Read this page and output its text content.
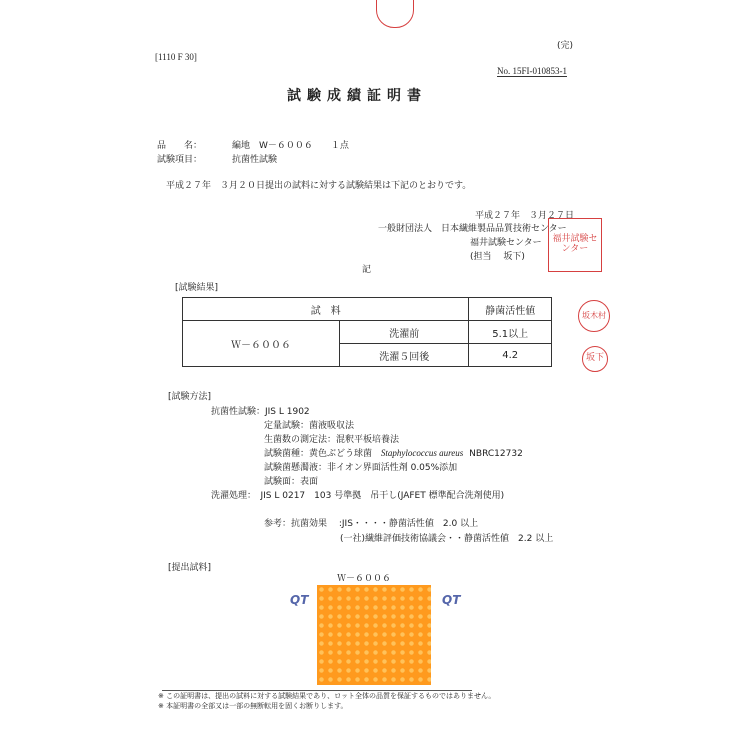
[1110 F 30]
(完)
No. 15FI-010853-1
試験成績証明書
品　　名：	編地　W－６００６　　１点
試験項目：	抗菌性試験
平成２７年　３月２０日提出の試料に対する試験結果は下記のとおりです。
平成２７年　３月２７日
一般財団法人　日本繊維製品品質技術センター
福井試験センター
(担当　 坂下)
福井試験センター
坂木村
坂下
記
[試験結果]
試　料		静菌活性値
Ｗ－６００６	洗濯前	5.1以上
	洗濯５回後	4.2
[試験方法]
抗菌性試験：JIS L 1902
定量試験：菌液吸収法
生菌数の測定法：混釈平板培養法
試験菌種：黄色ぶどう球菌 Staphylococcus aureus NBRC12732
試験菌懸濁液：非イオン界面活性剤 0.05%添加
試験面：表面
洗濯処理：　JIS L 0217　103 号準拠　吊干し(JAFET 標準配合洗剤使用)
参考：抗菌効果　 :JIS・・・・静菌活性値　2.0 以上
(一社)繊維評価技術協議会・・静菌活性値　2.2 以上
[提出試料]
Ｗ－６００６
QT	QT
※ この証明書は、提出の試料に対する試験結果であり、ロット全体の品質を保証するものではありません。
※ 本証明書の全部又は一部の無断転用を固くお断りします。
